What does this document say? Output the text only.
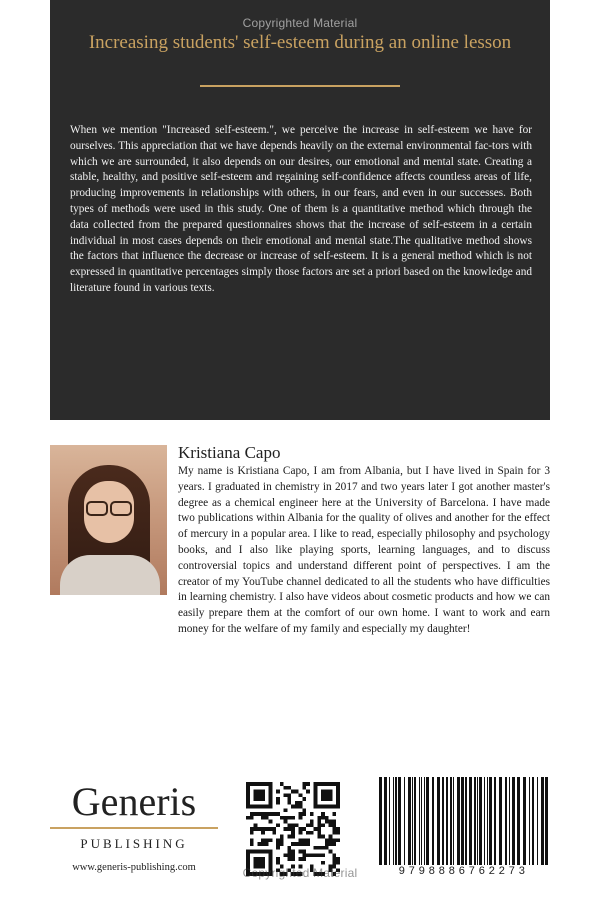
Copyrighted Material
Increasing students' self-esteem during an online lesson

When we mention "Increased self-esteem.", we perceive the increase in self-esteem we have for ourselves. This appreciation that we have depends heavily on the external environmental fac-tors with which we are surrounded, it also depends on our desires, our emotional and mental state. Creating a stable, healthy, and positive self-esteem and regaining self-confidence affects countless areas of life, producing improvements in relationships with others, in our fears, and even in our successes. Both types of methods were used in this study. One of them is a quantitative method which through the data collected from the prepared questionnaires shows that the increase of self-esteem in a certain individual in most cases depends on their emotional and mental state.The qualitative method shows the factors that influence the decrease or increase of self-esteem. It is a general method which is not expressed in quantitative percentages simply those factors are set a priori based on the knowledge and literature found in various texts.

Kristiana Capo

My name is Kristiana Capo, I am from Albania, but I have lived in Spain for 3 years. I graduated in chemistry in 2017 and two years later I got another master's degree as a chemical engineer here at the University of Barcelona. I have made two publications within Albania for the quality of olives and another for the effect of mercury in a popular area. I like to read, especially philosophy and psychology books, and I also like playing sports, learning languages, and to discuss controversial topics and understand different point of perspectives. I am the creator of my YouTube channel dedicated to all the students who have difficulties in learning chemistry. I also have videos about cosmetic products and how we can easily prepare them at the comfort of our own home. I want to work and earn money for the welfare of my family and especially my daughter!

Generis
PUBLISHING
www.generis-publishing.com	9798886762273
Copyrighted Material
